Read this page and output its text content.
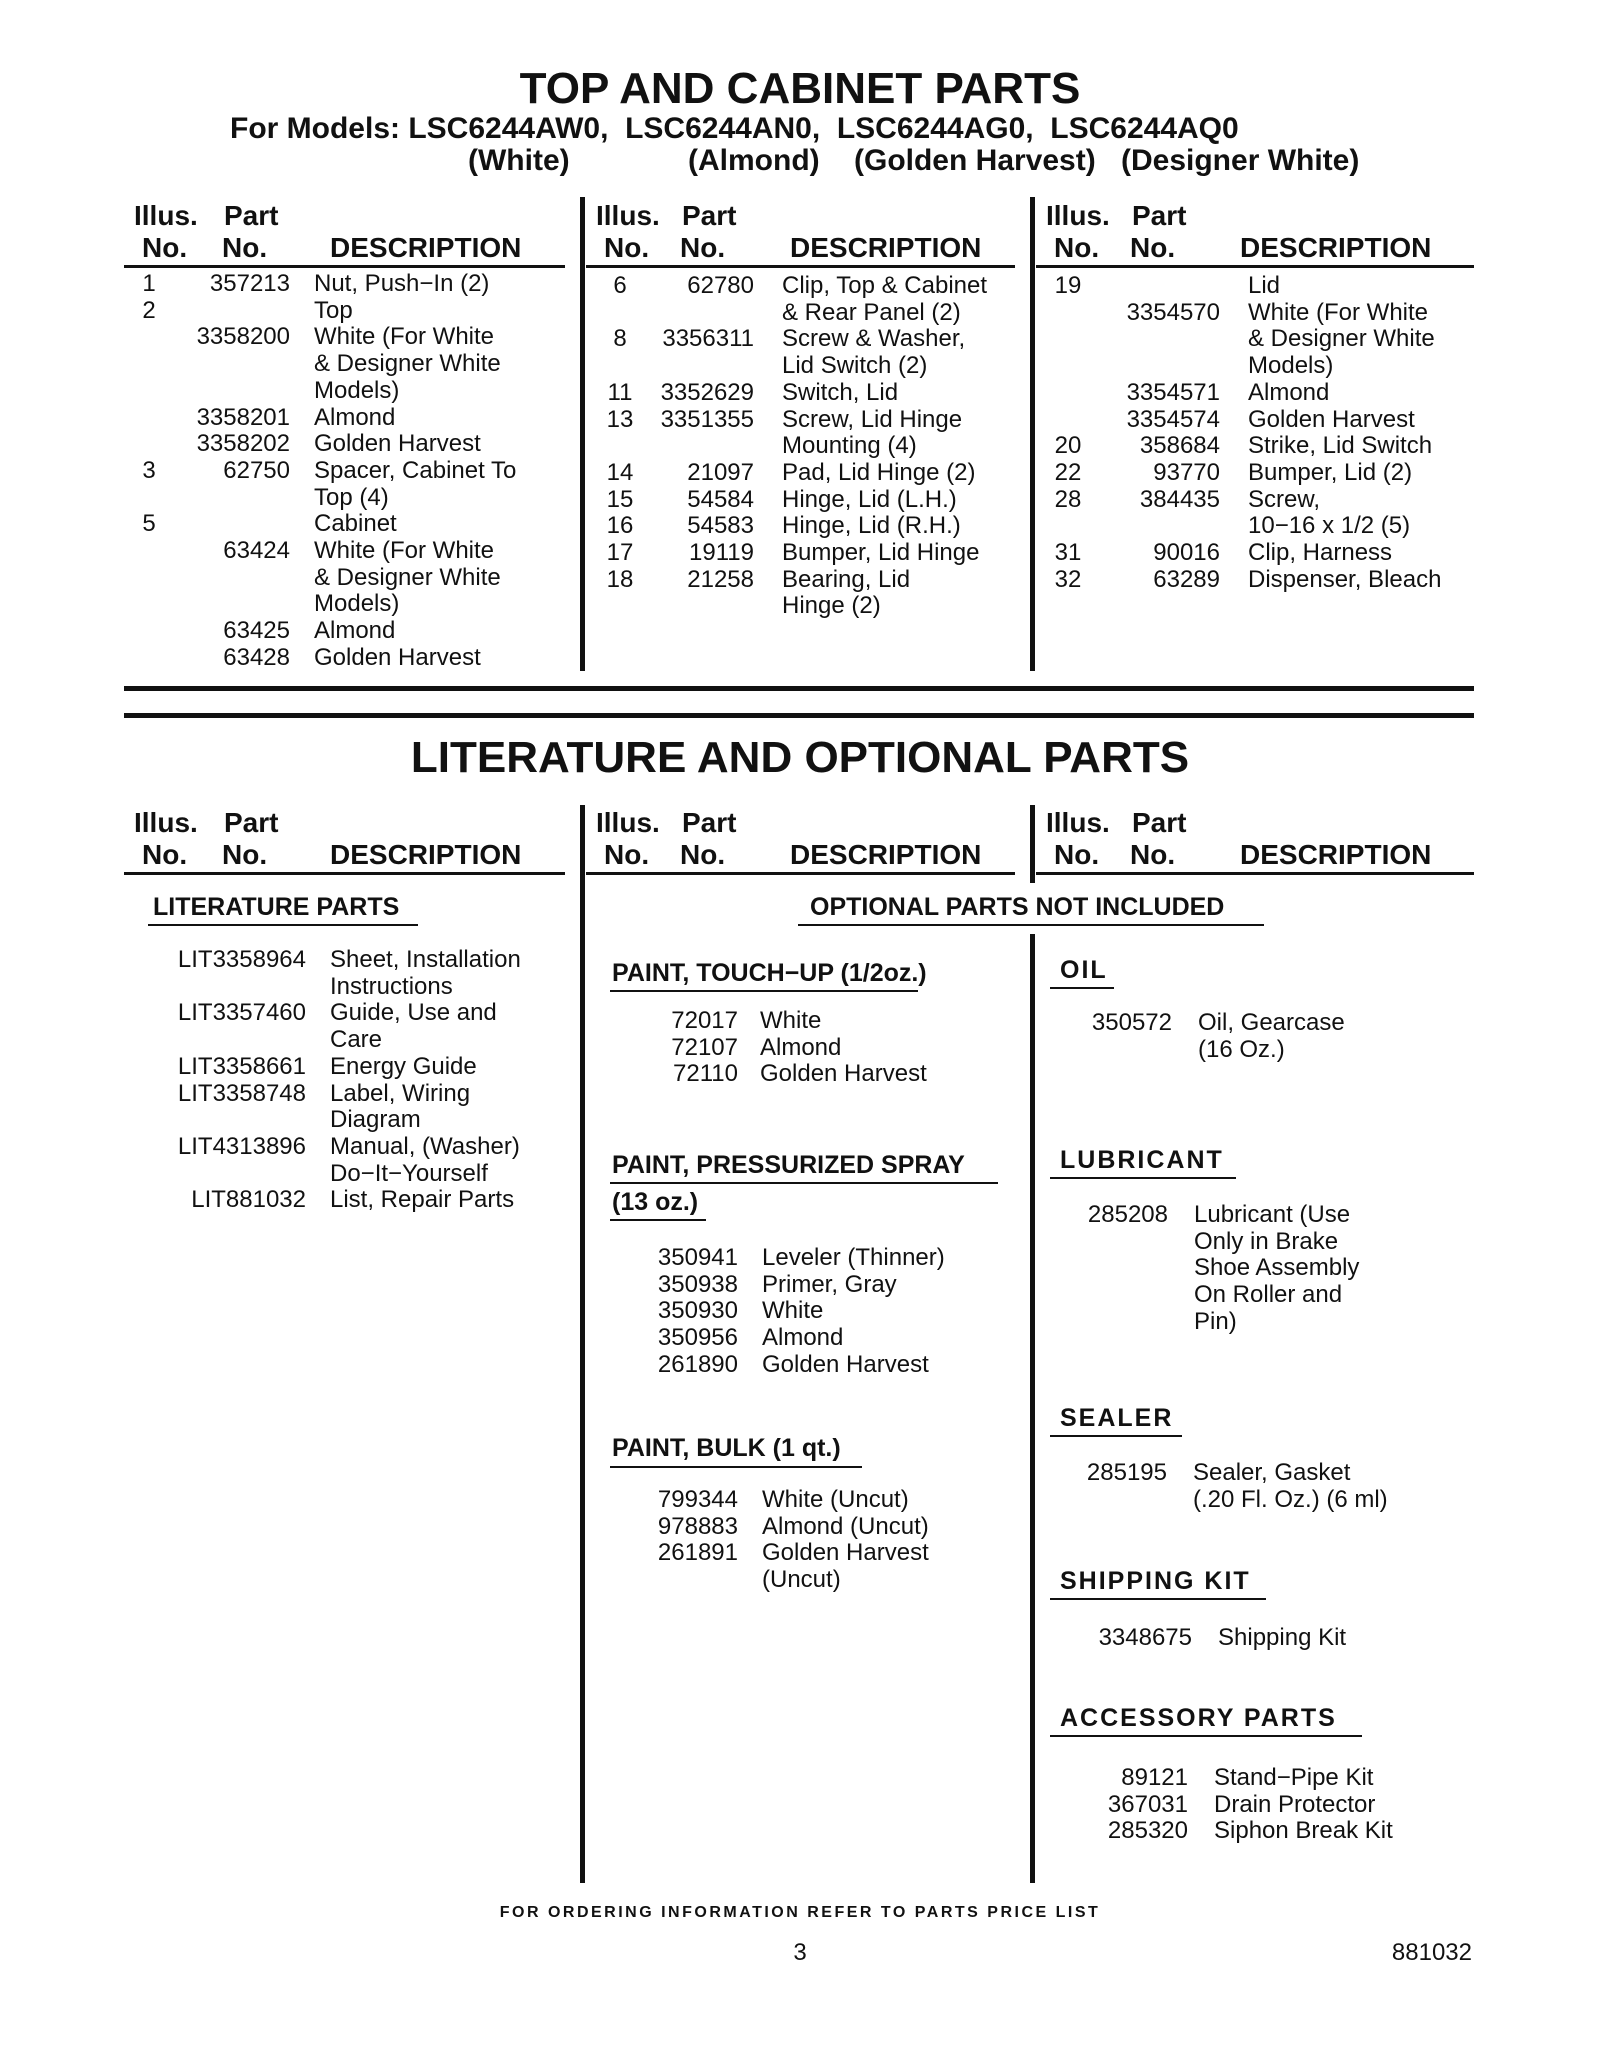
TOP AND CABINET PARTS
For Models: LSC6244AW0,  LSC6244AN0,  LSC6244AG0,  LSC6244AQ0
(White)	(Almond) (Golden Harvest) (Designer White)
Illus. Part
No. No. DESCRIPTION
Illus. Part
No. No. DESCRIPTION
Illus. Part
No. No. DESCRIPTION
1 357213 Nut, Push−In (2)
2	Top
3358200 White (For White
& Designer White
Models)
3358201 Almond
3358202 Golden Harvest
3	62750 Spacer, Cabinet To
Top (4)
5	Cabinet
63424 White (For White
& Designer White
Models)
63425 Almond
63428 Golden Harvest
6	62780 Clip, Top & Cabinet
& Rear Panel (2)
8 3356311 Screw & Washer,
Lid Switch (2)
11 3352629 Switch, Lid
13 3351355 Screw, Lid Hinge
Mounting (4)
14 21097 Pad, Lid Hinge (2)
15 54584 Hinge, Lid (L.H.)
16 54583 Hinge, Lid (R.H.)
17 19119 Bumper, Lid Hinge
18 21258 Bearing, Lid
Hinge (2)
19	Lid
3354570 White (For White
& Designer White
Models)
3354571 Almond
3354574 Golden Harvest
20 358684 Strike, Lid Switch
22	93770 Bumper, Lid (2)
28 384435 Screw,
10−16 x 1/2 (5)
31	90016 Clip, Harness
32	63289 Dispenser, Bleach
LITERATURE AND OPTIONAL PARTS
Illus. Part
No. No. DESCRIPTION
Illus. Part
No. No. DESCRIPTION
Illus. Part
No. No. DESCRIPTION
LITERATURE PARTS
LIT3358964 Sheet, Installation
Instructions
LIT3357460 Guide, Use and
Care
LIT3358661 Energy Guide
LIT3358748 Label, Wiring
Diagram
LIT4313896 Manual, (Washer)
Do−It−Yourself
LIT881032 List, Repair Parts
OPTIONAL PARTS NOT INCLUDED
PAINT, TOUCH−UP (1/2oz.)
72017 White
72107 Almond
72110 Golden Harvest
PAINT, PRESSURIZED SPRAY
(13 oz.)
350941 Leveler (Thinner)
350938 Primer, Gray
350930 White
350956 Almond
261890 Golden Harvest
PAINT, BULK (1 qt.)
799344 White (Uncut)
978883 Almond (Uncut)
261891 Golden Harvest
(Uncut)
OIL
350572 Oil, Gearcase
(16 Oz.)
LUBRICANT
285208 Lubricant (Use
Only in Brake
Shoe Assembly
On Roller and
Pin)
SEALER
285195 Sealer, Gasket
(.20 Fl. Oz.) (6 ml)
SHIPPING KIT
3348675 Shipping Kit
ACCESSORY PARTS
89121 Stand−Pipe Kit
367031 Drain Protector
285320 Siphon Break Kit
FOR ORDERING INFORMATION REFER TO PARTS PRICE LIST
3	881032
